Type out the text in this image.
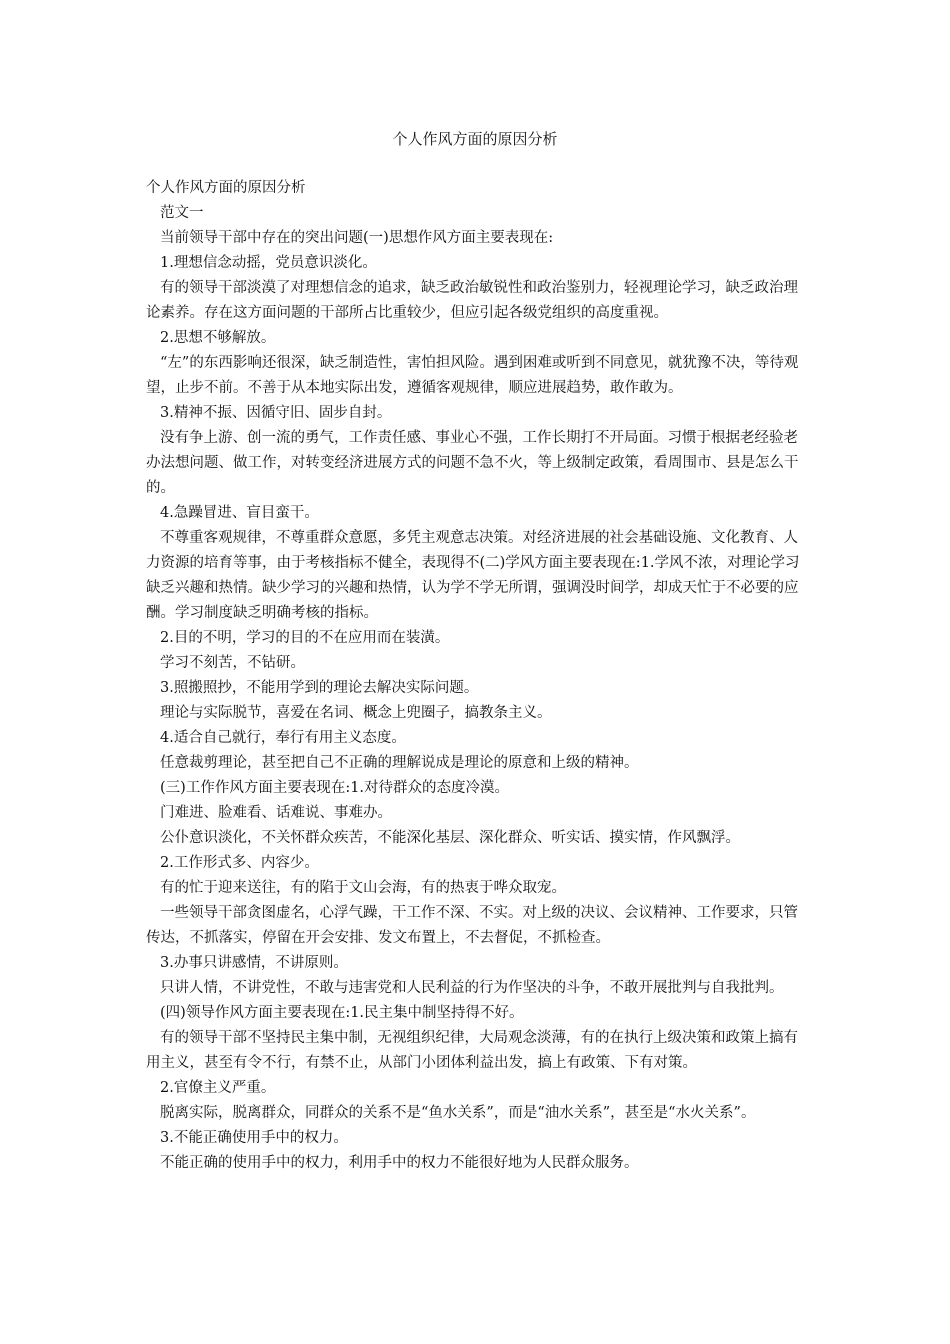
个人作风方面的原因分析

个人作风方面的原因分析

范文一

当前领导干部中存在的突出问题(一)思想作风方面主要表现在:

1.理想信念动摇，党员意识淡化。

有的领导干部淡漠了对理想信念的追求，缺乏政治敏锐性和政治鉴别力，轻视理论学习，缺乏政治理论素养。存在这方面问题的干部所占比重较少，但应引起各级党组织的高度重视。

2.思想不够解放。

“左”的东西影响还很深，缺乏制造性，害怕担风险。遇到困难或听到不同意见，就犹豫不决，等待观望，止步不前。不善于从本地实际出发，遵循客观规律，顺应进展趋势，敢作敢为。

3.精神不振、因循守旧、固步自封。

没有争上游、创一流的勇气，工作责任感、事业心不强，工作长期打不开局面。习惯于根据老经验老办法想问题、做工作，对转变经济进展方式的问题不急不火，等上级制定政策，看周围市、县是怎么干的。

4.急躁冒进、盲目蛮干。

不尊重客观规律，不尊重群众意愿，多凭主观意志决策。对经济进展的社会基础设施、文化教育、人力资源的培育等事，由于考核指标不健全，表现得不(二)学风方面主要表现在:1.学风不浓，对理论学习缺乏兴趣和热情。缺少学习的兴趣和热情，认为学不学无所谓，强调没时间学，却成天忙于不必要的应酬。学习制度缺乏明确考核的指标。

2.目的不明，学习的目的不在应用而在装潢。

学习不刻苦，不钻研。

3.照搬照抄，不能用学到的理论去解决实际问题。

理论与实际脱节，喜爱在名词、概念上兜圈子，搞教条主义。

4.适合自己就行，奉行有用主义态度。

任意裁剪理论，甚至把自己不正确的理解说成是理论的原意和上级的精神。

(三)工作作风方面主要表现在:1.对待群众的态度冷漠。

门难进、脸难看、话难说、事难办。

公仆意识淡化，不关怀群众疾苦，不能深化基层、深化群众、听实话、摸实情，作风飘浮。

2.工作形式多、内容少。

有的忙于迎来送往，有的陷于文山会海，有的热衷于哗众取宠。

一些领导干部贪图虚名，心浮气躁，干工作不深、不实。对上级的决议、会议精神、工作要求，只管传达，不抓落实，停留在开会安排、发文布置上，不去督促，不抓检查。

3.办事只讲感情，不讲原则。

只讲人情，不讲党性，不敢与违害党和人民利益的行为作坚决的斗争，不敢开展批判与自我批判。

(四)领导作风方面主要表现在:1.民主集中制坚持得不好。

有的领导干部不坚持民主集中制，无视组织纪律，大局观念淡薄，有的在执行上级决策和政策上搞有用主义，甚至有令不行，有禁不止，从部门小团体利益出发，搞上有政策、下有对策。

2.官僚主义严重。

脱离实际，脱离群众，同群众的关系不是“鱼水关系”，而是“油水关系”，甚至是“水火关系”。

3.不能正确使用手中的权力。

不能正确的使用手中的权力，利用手中的权力不能很好地为人民群众服务。
